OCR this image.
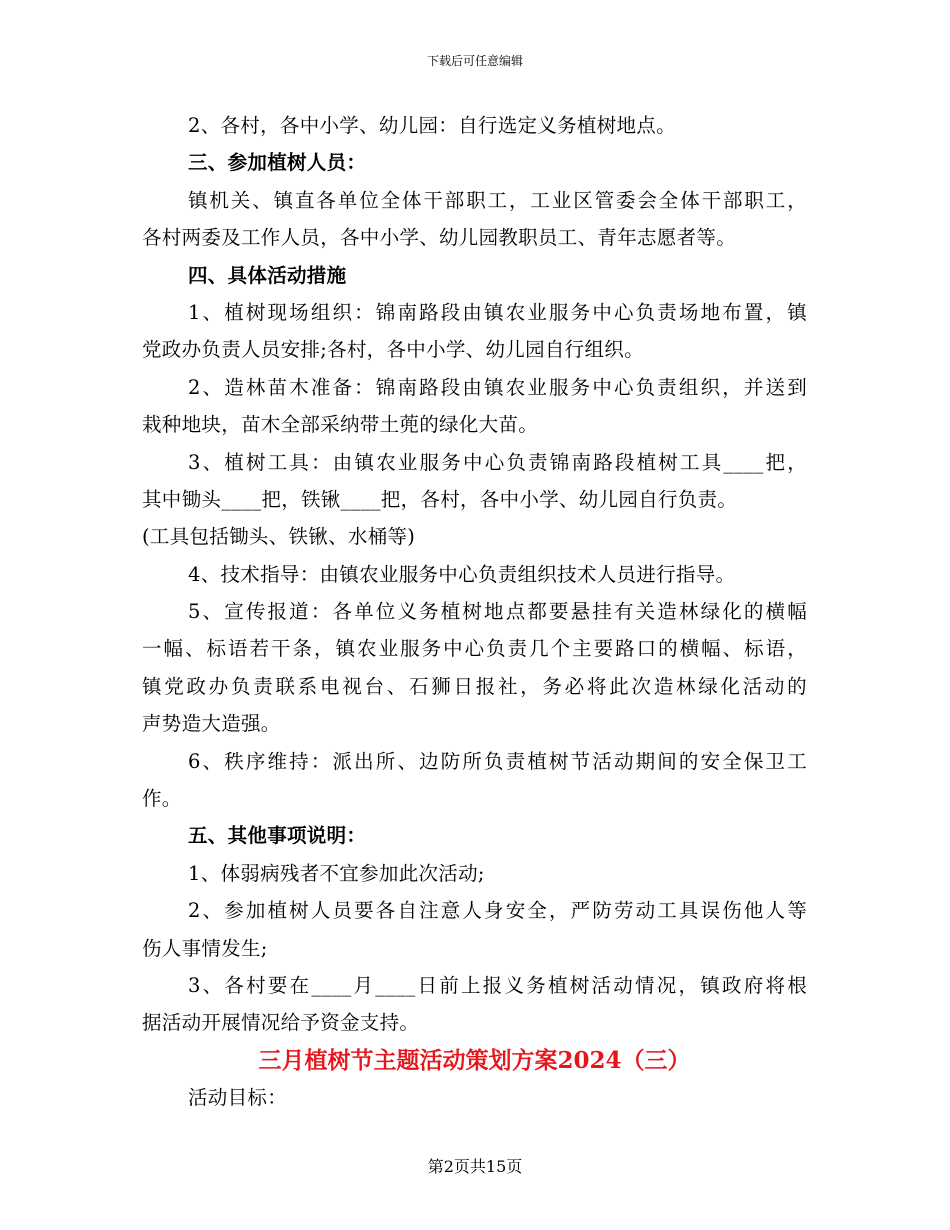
下载后可任意编辑
2、各村，各中小学、幼儿园：自行选定义务植树地点。
三、参加植树人员：
镇机关、镇直各单位全体干部职工，工业区管委会全体干部职工，
各村两委及工作人员，各中小学、幼儿园教职员工、青年志愿者等。
四、具体活动措施
1、植树现场组织：锦南路段由镇农业服务中心负责场地布置，镇
党政办负责人员安排;各村，各中小学、幼儿园自行组织。
2、造林苗木准备：锦南路段由镇农业服务中心负责组织，并送到
栽种地块，苗木全部采纳带土蔸的绿化大苗。
3、植树工具：由镇农业服务中心负责锦南路段植树工具____把，
其中锄头____把，铁锹____把，各村，各中小学、幼儿园自行负责。
(工具包括锄头、铁锹、水桶等)
4、技术指导：由镇农业服务中心负责组织技术人员进行指导。
5、宣传报道：各单位义务植树地点都要悬挂有关造林绿化的横幅
一幅、标语若干条，镇农业服务中心负责几个主要路口的横幅、标语，
镇党政办负责联系电视台、石狮日报社，务必将此次造林绿化活动的
声势造大造强。
6、秩序维持：派出所、边防所负责植树节活动期间的安全保卫工
作。
五、其他事项说明：
1、体弱病残者不宜参加此次活动;
2、参加植树人员要各自注意人身安全，严防劳动工具误伤他人等
伤人事情发生;
3、各村要在____月____日前上报义务植树活动情况，镇政府将根
据活动开展情况给予资金支持。
三月植树节主题活动策划方案2024（三）
活动目标：
第2页共15页
